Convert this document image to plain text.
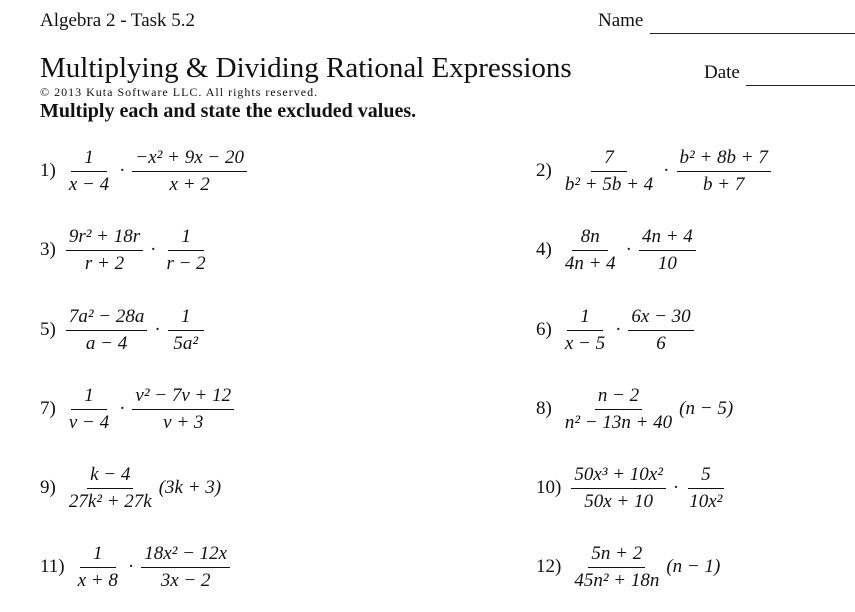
Algebra 2 - Task 5.2	Name
Multiplying & Dividing Rational Expressions	Date
© 2013 Kuta Software LLC. All rights reserved.
Multiply each and state the excluded values.
$1) \frac{1}{x - 4} \cdot \frac{\text{−x² + 9x − 20}}{x + 2}$	$2) \frac{7}{\text{b² + 5b + 4}} \cdot \frac{\text{b² + 8b + 7}}{b + 7}$
$3) \frac{\text{9r² + 18r}}{r + 2} \cdot \frac{1}{r - 2}$	$4) \frac{8n}{4n + 4} \cdot \frac{4n + 4}{10}$
$5) \frac{\text{7a² − 28a}}{a - 4} \cdot \frac{1}{\text{5a²}}$	$6) \frac{1}{x - 5} \cdot \frac{6x - 30}{6}$
$7) \frac{1}{v - 4} \cdot \frac{\text{v² − 7v + 12}}{v + 3}$	$8) \frac{n - 2}{\text{n² − 13n + 40}} (n - 5)$
$9) \frac{k - 4}{\text{27k² + 27k}} (3k + 3)$	$10) \frac{\text{50x³ + 10x²}}{50x + 10} \cdot \frac{5}{\text{10x²}}$
$11) \frac{1}{x + 8} \cdot \frac{\text{18x² − 12x}}{3x - 2}$	$12) \frac{5n + 2}{\text{45n² + 18n}} (n - 1)$
